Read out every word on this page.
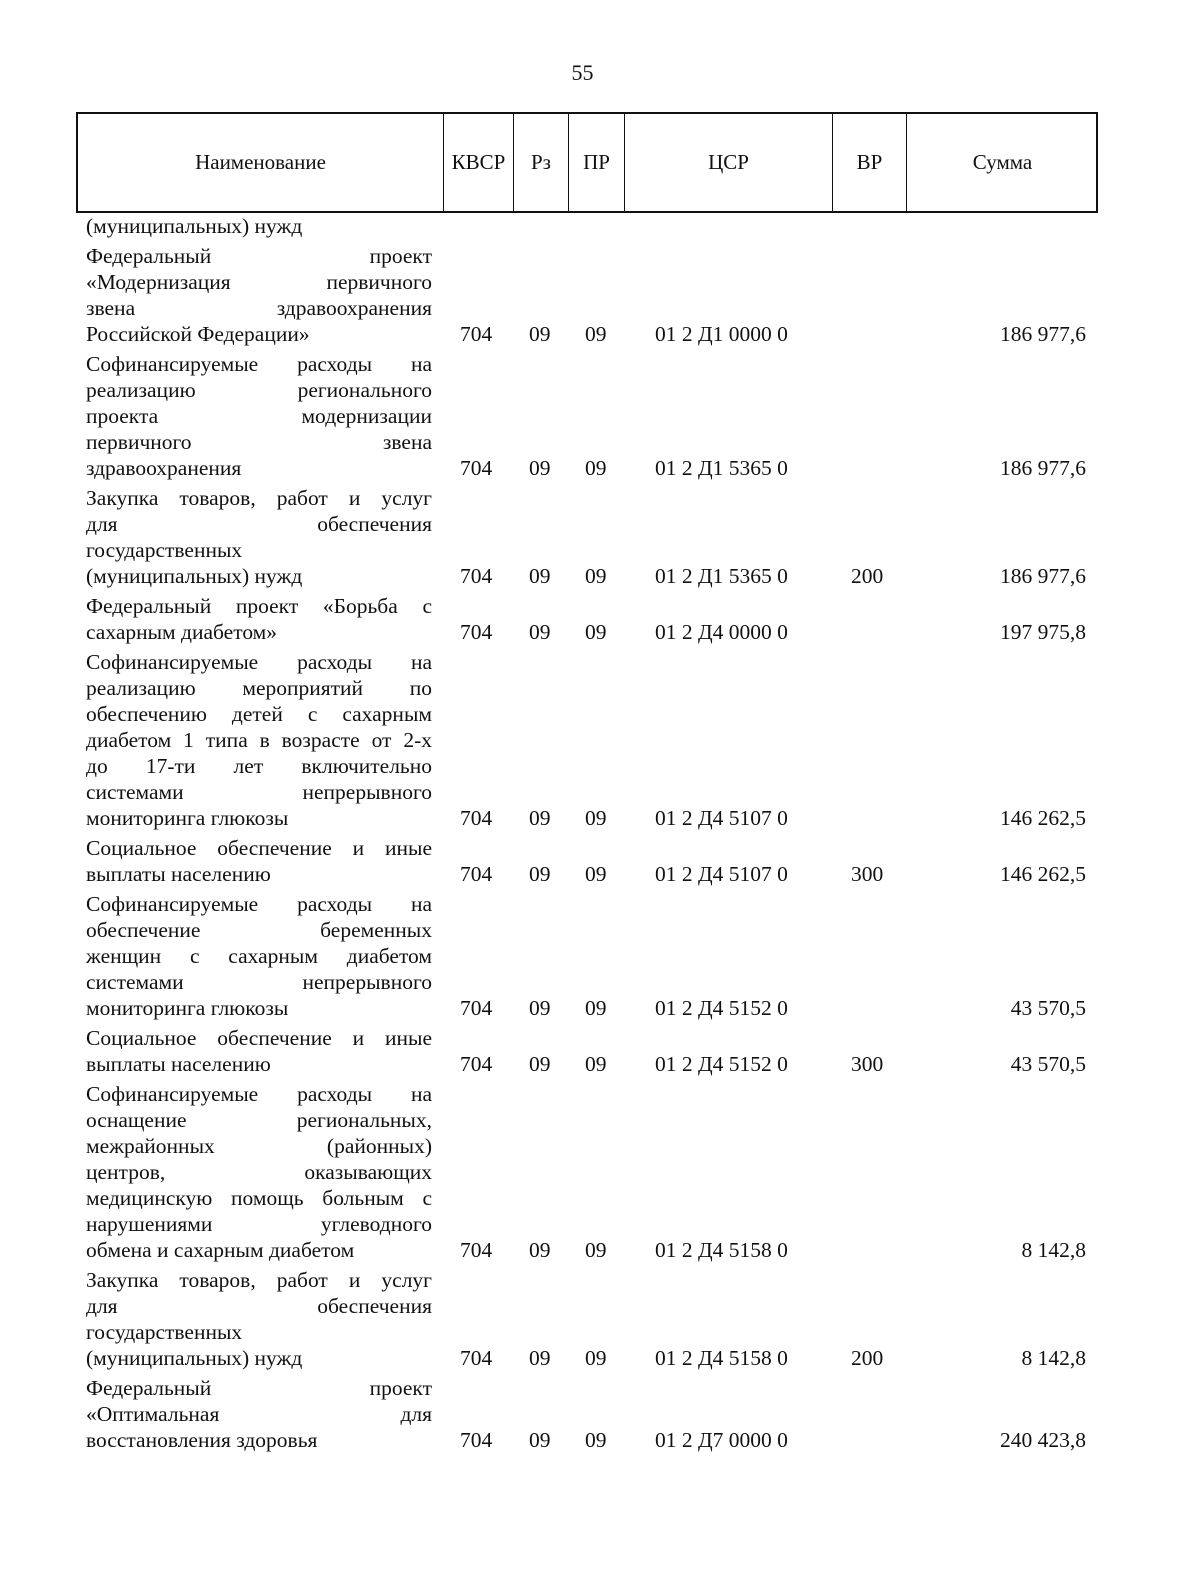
55
Наименование	КВСР	Рз	ПР	ЦСР	ВР	Сумма
(муниципальных) нужд
Федеральный проект
«Модернизация первичного
звена здравоохранения
Российской Федерации»	704 09 09 01 2 Д1 0000 0	186 977,6
Софинансируемые расходы на
реализацию регионального
проекта модернизации
первичного звена
здравоохранения	704 09 09 01 2 Д1 5365 0	186 977,6
Закупка товаров, работ и услуг
для обеспечения
государственных
(муниципальных) нужд	704 09 09 01 2 Д1 5365 0	200	186 977,6
Федеральный проект «Борьба с
сахарным диабетом»	704 09 09 01 2 Д4 0000 0	197 975,8
Софинансируемые расходы на
реализацию мероприятий по
обеспечению детей с сахарным
диабетом 1 типа в возрасте от 2-х
до 17-ти лет включительно
системами непрерывного
мониторинга глюкозы	704 09 09 01 2 Д4 5107 0	146 262,5
Социальное обеспечение и иные
выплаты населению	704 09 09 01 2 Д4 5107 0	300	146 262,5
Софинансируемые расходы на
обеспечение беременных
женщин с сахарным диабетом
системами непрерывного
мониторинга глюкозы	704 09 09 01 2 Д4 5152 0	43 570,5
Социальное обеспечение и иные
выплаты населению	704 09 09 01 2 Д4 5152 0	300	43 570,5
Софинансируемые расходы на
оснащение региональных,
межрайонных (районных)
центров, оказывающих
медицинскую помощь больным с
нарушениями углеводного
обмена и сахарным диабетом	704 09 09 01 2 Д4 5158 0	8 142,8
Закупка товаров, работ и услуг
для обеспечения
государственных
(муниципальных) нужд	704 09 09 01 2 Д4 5158 0	200	8 142,8
Федеральный проект
«Оптимальная для
восстановления здоровья	704 09 09 01 2 Д7 0000 0	240 423,8
